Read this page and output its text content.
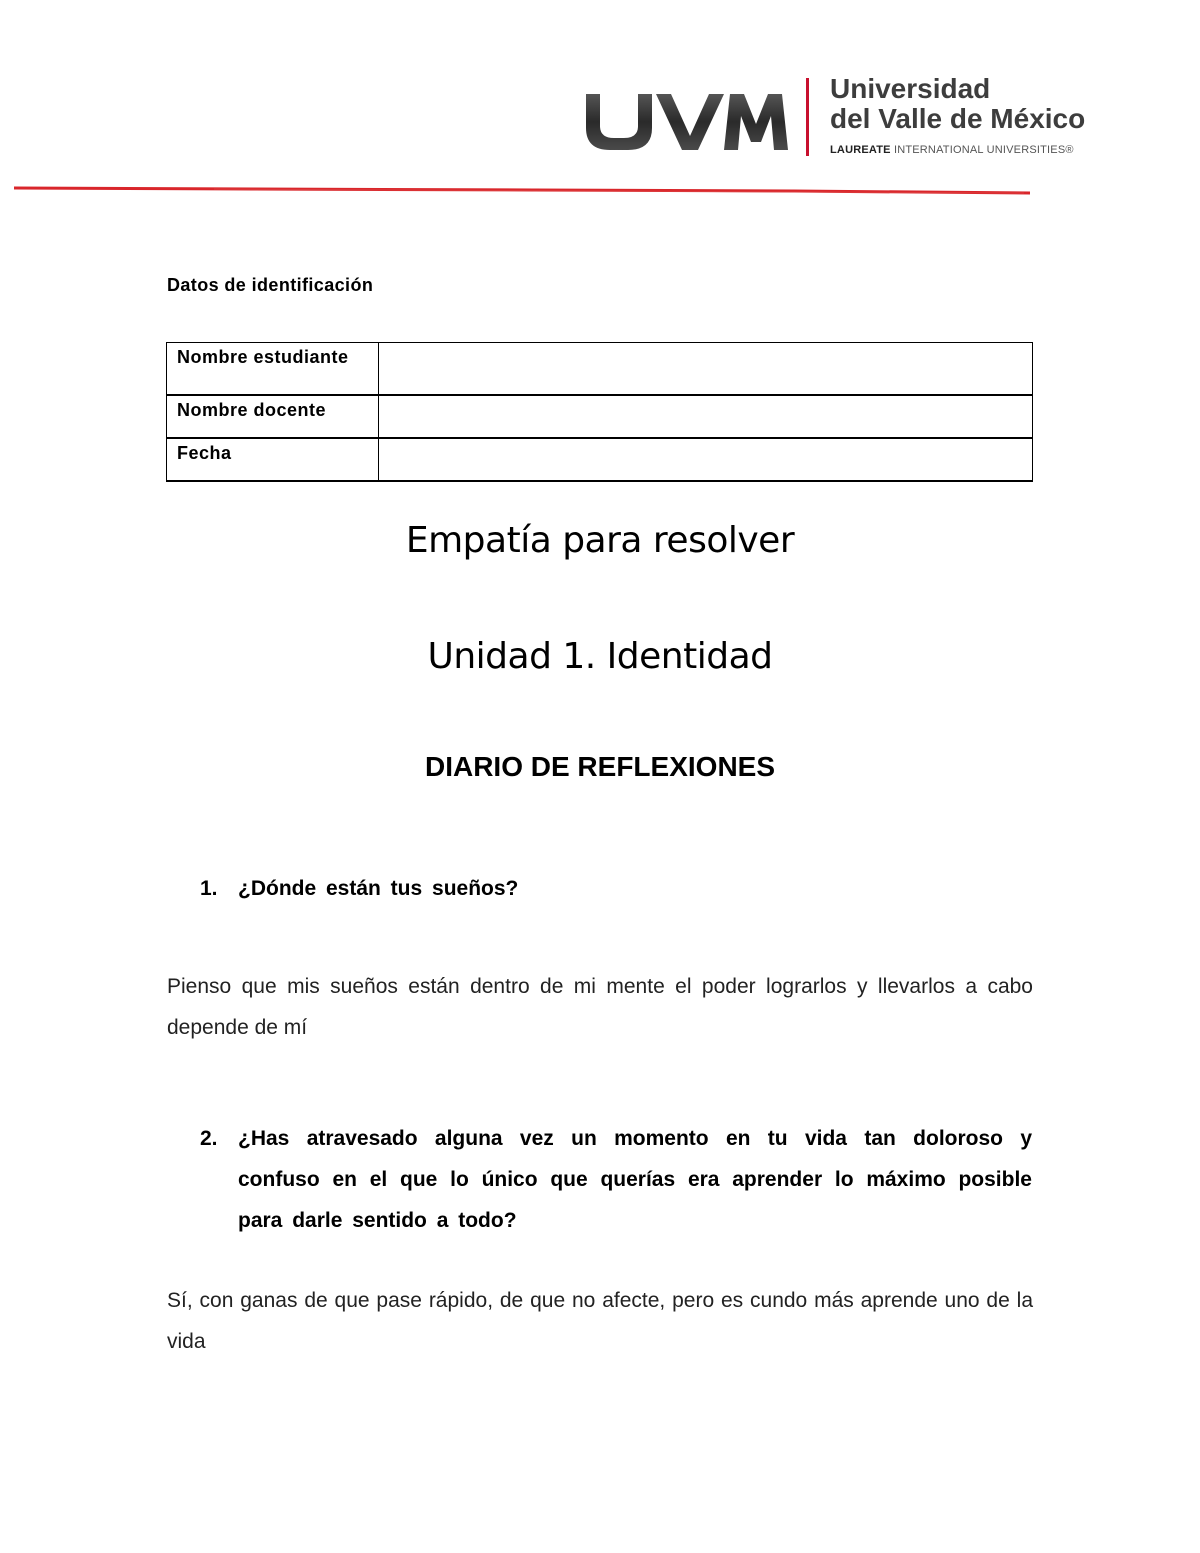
Universidad
del Valle de México
LAUREATE INTERNATIONAL UNIVERSITIES®
Datos de identificación
Nombre estudiante	
Nombre docente	
Fecha	
Empatía para resolver
Unidad 1. Identidad
DIARIO DE REFLEXIONES
1. ¿Dónde están tus sueños?
Pienso que mis sueños están dentro de mi mente el poder lograrlos y llevarlos a cabo depende de mí
2. ¿Has atravesado alguna vez un momento en tu vida tan doloroso y confuso en el que lo único que querías era aprender lo máximo posible para darle sentido a todo?
Sí, con ganas de que pase rápido, de que no afecte, pero es cundo más aprende uno de la vida
